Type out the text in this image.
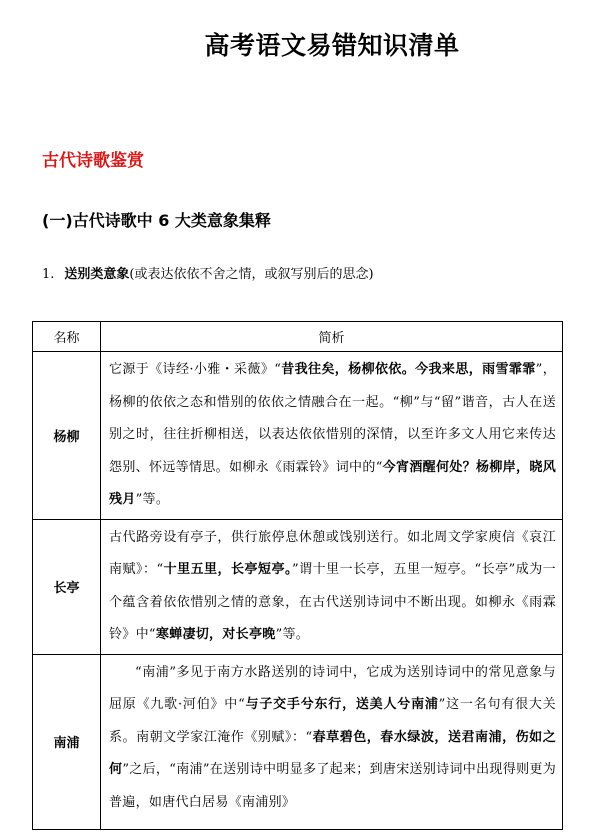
高考语文易错知识清单
古代诗歌鉴赏
(一)古代诗歌中 6 大类意象集释
1. 送别类意象(或表达依依不舍之情，或叙写别后的思念)
名称	简析
杨柳	它源于《诗经·小雅・采薇》“昔我往矣，杨柳依依。今我来思，雨雪霏霏”，杨柳的依依之态和惜别的依依之情融合在一起。“柳”与“留”谐音，古人在送别之时，往往折柳相送，以表达依依惜别的深情，以至许多文人用它来传达怨别、怀远等情思。如柳永《雨霖铃》词中的“今宵酒醒何处？杨柳岸，晓风残月”等。
长亭	古代路旁设有亭子，供行旅停息休憩或饯别送行。如北周文学家庾信《哀江南赋》：“十里五里，长亭短亭。”谓十里一长亭，五里一短亭。“长亭”成为一个蕴含着依依惜别之情的意象，在古代送别诗词中不断出现。如柳永《雨霖铃》中“寒蝉凄切，对长亭晚”等。
南浦	“南浦”多见于南方水路送别的诗词中，它成为送别诗词中的常见意象与屈原《九歌·河伯》中“与子交手兮东行，送美人兮南浦”这一名句有很大关系。南朝文学家江淹作《别赋》：“春草碧色，春水绿波，送君南浦，伤如之何”之后，“南浦”在送别诗中明显多了起来；到唐宋送别诗词中出现得则更为普遍，如唐代白居易《南浦别》
